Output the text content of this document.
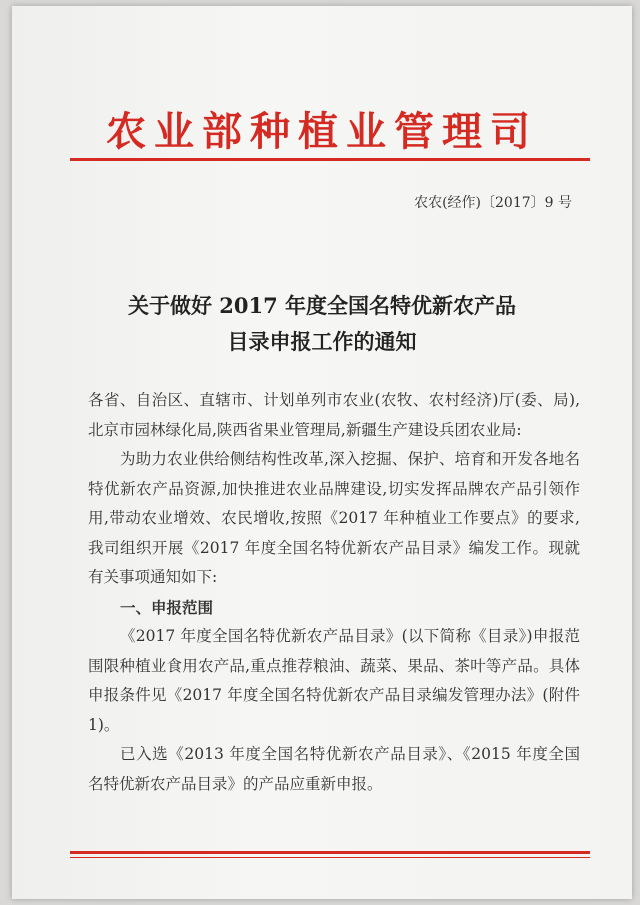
农业部种植业管理司
农农(经作)〔2017〕9 号
关于做好 2017 年度全国名特优新农产品
目录申报工作的通知

各省、自治区、直辖市、计划单列市农业(农牧、农村经济)厅(委、局),北京市园林绿化局,陕西省果业管理局,新疆生产建设兵团农业局:

为助力农业供给侧结构性改革,深入挖掘、保护、培育和开发各地名特优新农产品资源,加快推进农业品牌建设,切实发挥品牌农产品引领作用,带动农业增效、农民增收,按照《2017 年种植业工作要点》的要求,我司组织开展《2017 年度全国名特优新农产品目录》编发工作。现就有关事项通知如下:

一、申报范围

《2017 年度全国名特优新农产品目录》(以下简称《目录》)申报范围限种植业食用农产品,重点推荐粮油、蔬菜、果品、茶叶等产品。具体申报条件见《2017 年度全国名特优新农产品目录编发管理办法》(附件 1)。

已入选《2013 年度全国名特优新农产品目录》、《2015 年度全国名特优新农产品目录》的产品应重新申报。
